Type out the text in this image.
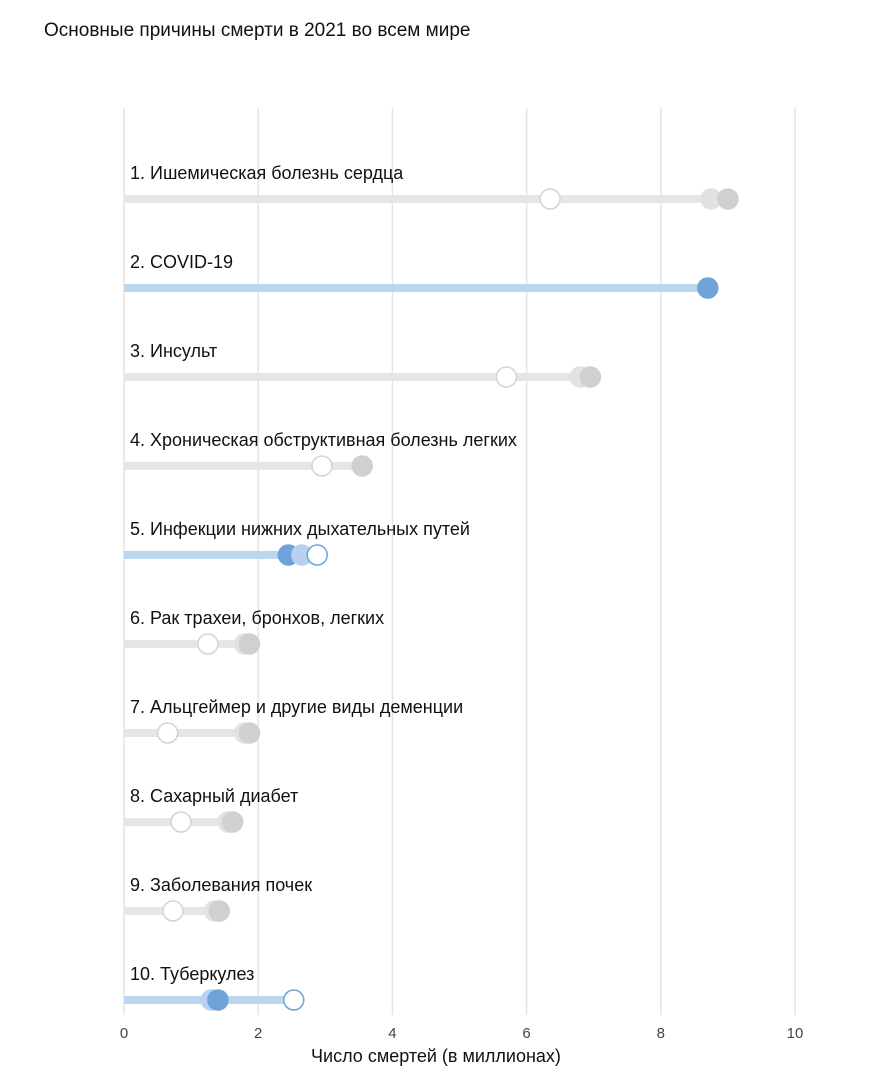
Основные причины смерти в 2021 во всем мире
1. Ишемическая болезнь сердца
2. COVID-19
3. Инсульт
4. Хроническая обструктивная болезнь легких
5. Инфекции нижних дыхательных путей
6. Рак трахеи, бронхов, легких
7. Альцгеймер и другие виды деменции
8. Сахарный диабет
9. Заболевания почек
10. Туберкулез
0	2	4	6	8	10
Число смертей (в миллионах)
